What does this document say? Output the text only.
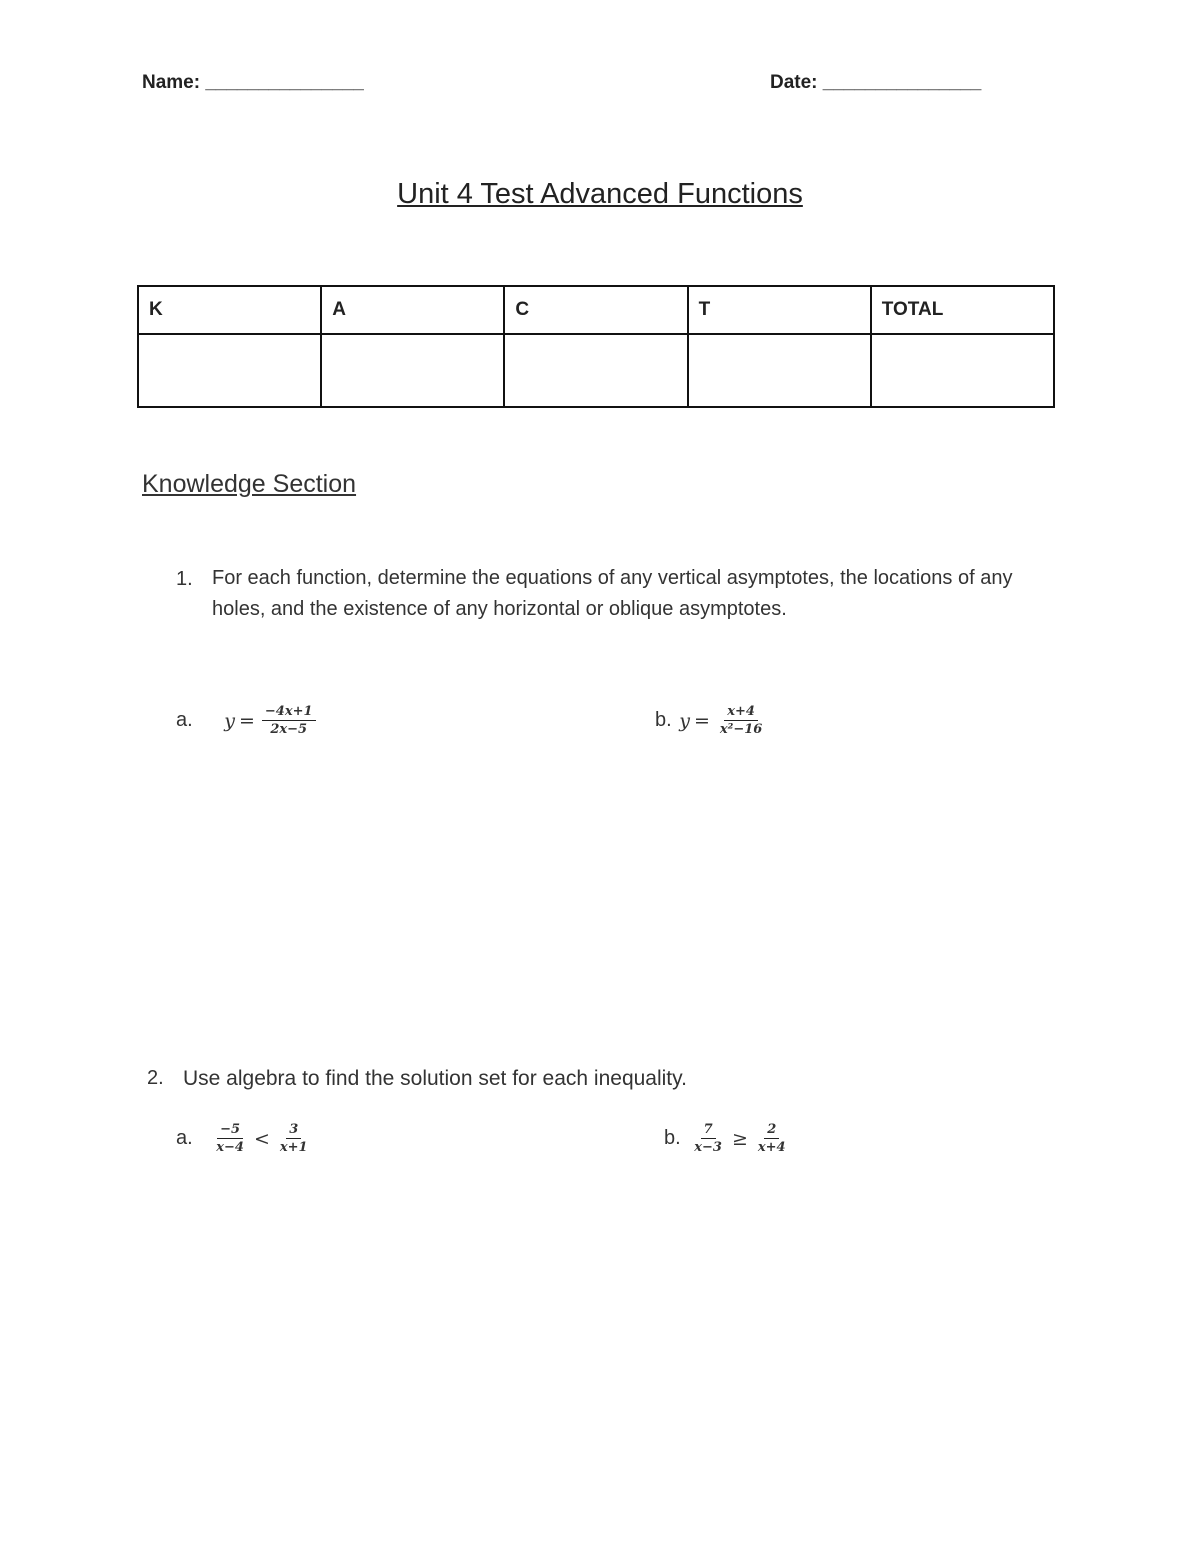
Name: _______________	Date: _______________
Unit 4 Test Advanced Functions
K	A	C	T	TOTAL

Knowledge Section
1. For each function, determine the equations of any vertical asymptotes, the locations of any holes, and the existence of any horizontal or oblique asymptotes.
a. $y = \frac{-4x+1}{2x-5}$	b. $y = \frac{x+4}{\text{x²−16}}$
2. Use algebra to find the solution set for each inequality.
a. $\frac{-5}{x-4} < \frac{3}{x+1}$	b. $\frac{7}{x-3} \ge \frac{2}{x+4}$
